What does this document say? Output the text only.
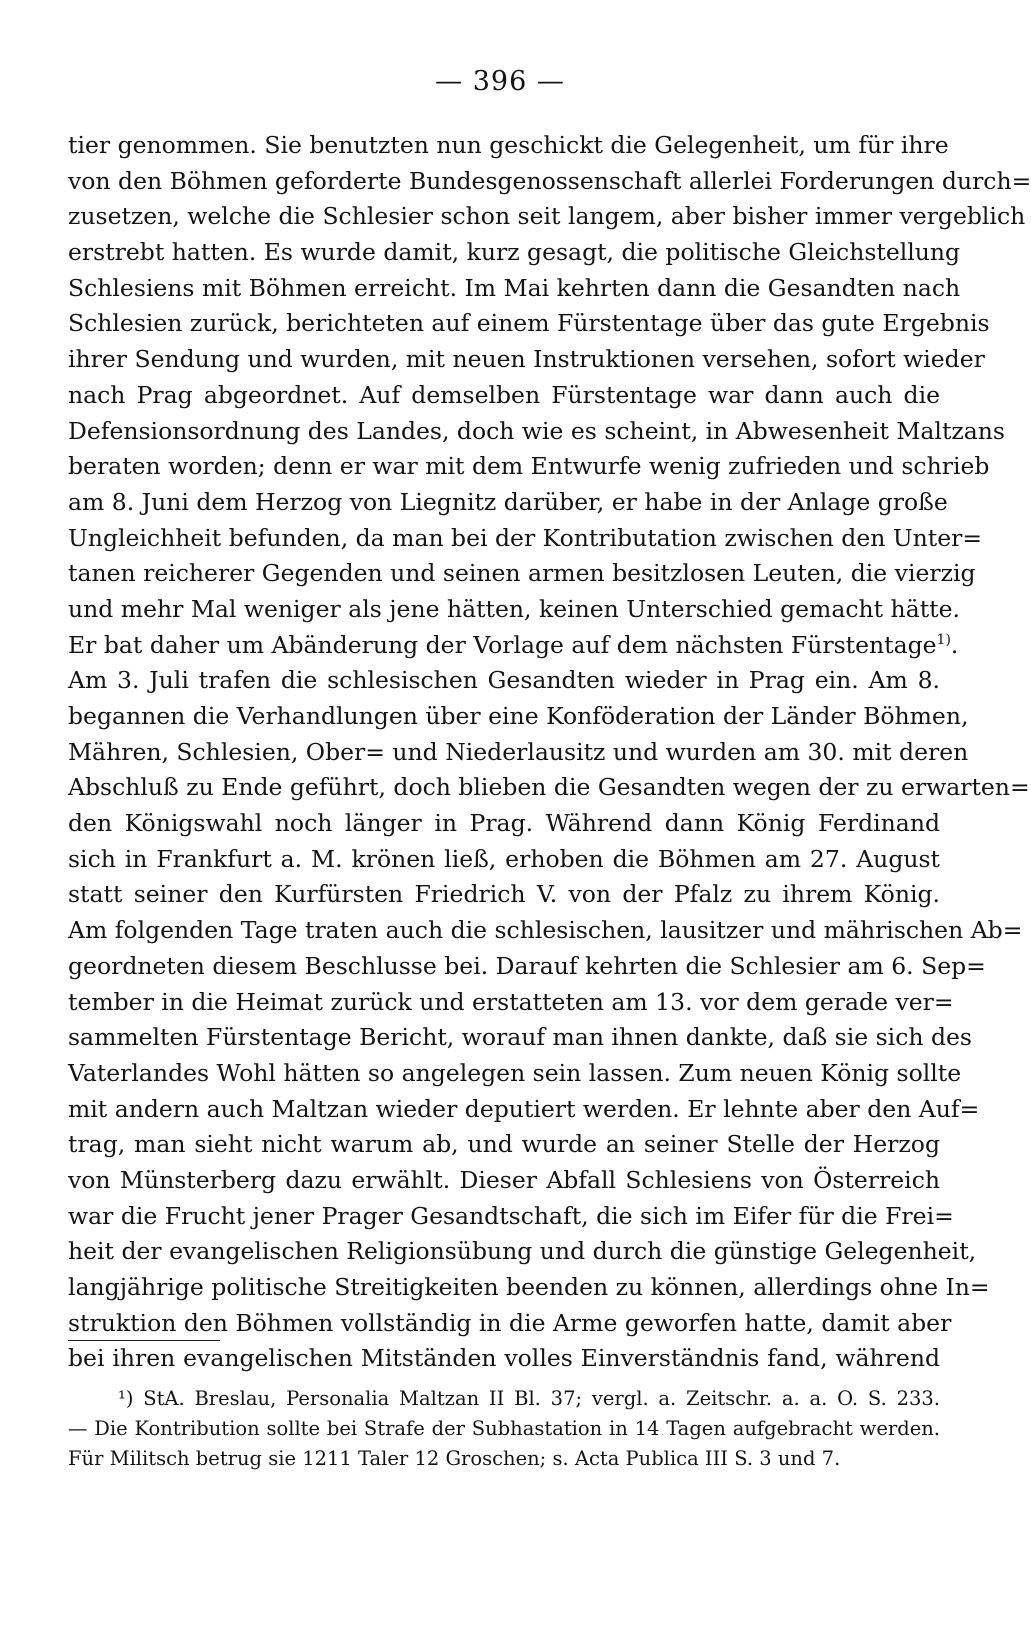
— 396 —
tier genommen. Sie benutzten nun geschickt die Gelegenheit, um für ihre
von den Böhmen geforderte Bundesgenossenschaft allerlei Forderungen durch=
zusetzen, welche die Schlesier schon seit langem, aber bisher immer vergeblich
erstrebt hatten. Es wurde damit, kurz gesagt, die politische Gleichstellung
Schlesiens mit Böhmen erreicht. Im Mai kehrten dann die Gesandten nach
Schlesien zurück, berichteten auf einem Fürstentage über das gute Ergebnis
ihrer Sendung und wurden, mit neuen Instruktionen versehen, sofort wieder
nach Prag abgeordnet. Auf demselben Fürstentage war dann auch die
Defensionsordnung des Landes, doch wie es scheint, in Abwesenheit Maltzans
beraten worden; denn er war mit dem Entwurfe wenig zufrieden und schrieb
am 8. Juni dem Herzog von Liegnitz darüber, er habe in der Anlage große
Ungleichheit befunden, da man bei der Kontributation zwischen den Unter=
tanen reicherer Gegenden und seinen armen besitzlosen Leuten, die vierzig
und mehr Mal weniger als jene hätten, keinen Unterschied gemacht hätte.
Er bat daher um Abänderung der Vorlage auf dem nächsten Fürstentage$^{1)}$.
Am 3. Juli trafen die schlesischen Gesandten wieder in Prag ein. Am 8.
begannen die Verhandlungen über eine Konföderation der Länder Böhmen,
Mähren, Schlesien, Ober= und Niederlausitz und wurden am 30. mit deren
Abschluß zu Ende geführt, doch blieben die Gesandten wegen der zu erwarten=
den Königswahl noch länger in Prag. Während dann König Ferdinand
sich in Frankfurt a. M. krönen ließ, erhoben die Böhmen am 27. August
statt seiner den Kurfürsten Friedrich V. von der Pfalz zu ihrem König.
Am folgenden Tage traten auch die schlesischen, lausitzer und mährischen Ab=
geordneten diesem Beschlusse bei. Darauf kehrten die Schlesier am 6. Sep=
tember in die Heimat zurück und erstatteten am 13. vor dem gerade ver=
sammelten Fürstentage Bericht, worauf man ihnen dankte, daß sie sich des
Vaterlandes Wohl hätten so angelegen sein lassen. Zum neuen König sollte
mit andern auch Maltzan wieder deputiert werden. Er lehnte aber den Auf=
trag, man sieht nicht warum ab, und wurde an seiner Stelle der Herzog
von Münsterberg dazu erwählt. Dieser Abfall Schlesiens von Österreich
war die Frucht jener Prager Gesandtschaft, die sich im Eifer für die Frei=
heit der evangelischen Religionsübung und durch die günstige Gelegenheit,
langjährige politische Streitigkeiten beenden zu können, allerdings ohne In=
struktion den Böhmen vollständig in die Arme geworfen hatte, damit aber
bei ihren evangelischen Mitständen volles Einverständnis fand, während
¹) StA. Breslau, Personalia Maltzan II Bl. 37; vergl. a. Zeitschr. a. a. O. S. 233.
— Die Kontribution sollte bei Strafe der Subhastation in 14 Tagen aufgebracht werden.
Für Militsch betrug sie 1211 Taler 12 Groschen; s. Acta Publica III S. 3 und 7.
